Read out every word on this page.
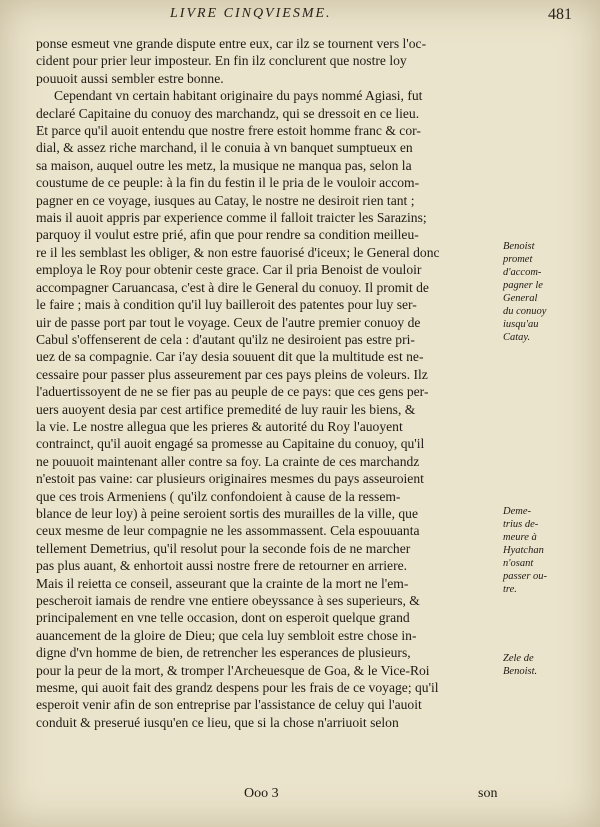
LIVRE CINQVIESME.	481
ponse esmeut vne grande dispute entre eux, car ilz se tournent vers l'oc-
cident pour prier leur imposteur. En fin ilz conclurent que nostre loy
pouuoit aussi sembler estre bonne.
Cependant vn certain habitant originaire du pays nommé Agiasi, fut
declaré Capitaine du conuoy des marchandz, qui se dressoit en ce lieu.
Et parce qu'il auoit entendu que nostre frere estoit homme franc & cor-
dial, & assez riche marchand, il le conuia à vn banquet sumptueux en
sa maison, auquel outre les metz, la musique ne manqua pas, selon la
coustume de ce peuple: à la fin du festin il le pria de le vouloir accom-
pagner en ce voyage, iusques au Catay, le nostre ne desiroit rien tant ;
mais il auoit appris par experience comme il falloit traicter les Sarazins;
parquoy il voulut estre prié, afin que pour rendre sa condition meilleu-
re il les semblast les obliger, & non estre fauorisé d'iceux; le General donc
employa le Roy pour obtenir ceste grace. Car il pria Benoist de vouloir
accompagner Caruancasa, c'est à dire le General du conuoy. Il promit de
le faire ; mais à condition qu'il luy bailleroit des patentes pour luy ser-
uir de passe port par tout le voyage. Ceux de l'autre premier conuoy de
Cabul s'offenserent de cela : d'autant qu'ilz ne desiroient pas estre pri-
uez de sa compagnie. Car i'ay desia souuent dit que la multitude est ne-
cessaire pour passer plus asseurement par ces pays pleins de voleurs. Ilz
l'aduertissoyent de ne se fier pas au peuple de ce pays: que ces gens per-
uers auoyent desia par cest artifice premedité de luy rauir les biens, &
la vie. Le nostre allegua que les prieres & autorité du Roy l'auoyent
contrainct, qu'il auoit engagé sa promesse au Capitaine du conuoy, qu'il
ne pouuoit maintenant aller contre sa foy. La crainte de ces marchandz
n'estoit pas vaine: car plusieurs originaires mesmes du pays asseuroient
que ces trois Armeniens ( qu'ilz confondoient à cause de la ressem-
blance de leur loy) à peine seroient sortis des murailles de la ville, que
ceux mesme de leur compagnie ne les assommassent. Cela espouuanta
tellement Demetrius, qu'il resolut pour la seconde fois de ne marcher
pas plus auant, & enhortoit aussi nostre frere de retourner en arriere.
Mais il reietta ce conseil, asseurant que la crainte de la mort ne l'em-
pescheroit iamais de rendre vne entiere obeyssance à ses superieurs, &
principalement en vne telle occasion, dont on esperoit quelque grand
auancement de la gloire de Dieu; que cela luy sembloit estre chose in-
digne d'vn homme de bien, de retrencher les esperances de plusieurs,
pour la peur de la mort, & tromper l'Archeuesque de Goa, & le Vice-Roi
mesme, qui auoit fait des grandz despens pour les frais de ce voyage; qu'il
esperoit venir afin de son entreprise par l'assistance de celuy qui l'auoit
conduit & preserué iusqu'en ce lieu, que si la chose n'arriuoit selon
Benoist
promet
d'accom-
pagner le
General
du conuoy
iusqu'au
Catay.
Deme-
trius de-
meure à
Hyatchan
n'osant
passer ou-
tre.
Zele de
Benoist.
Ooo 3	son
